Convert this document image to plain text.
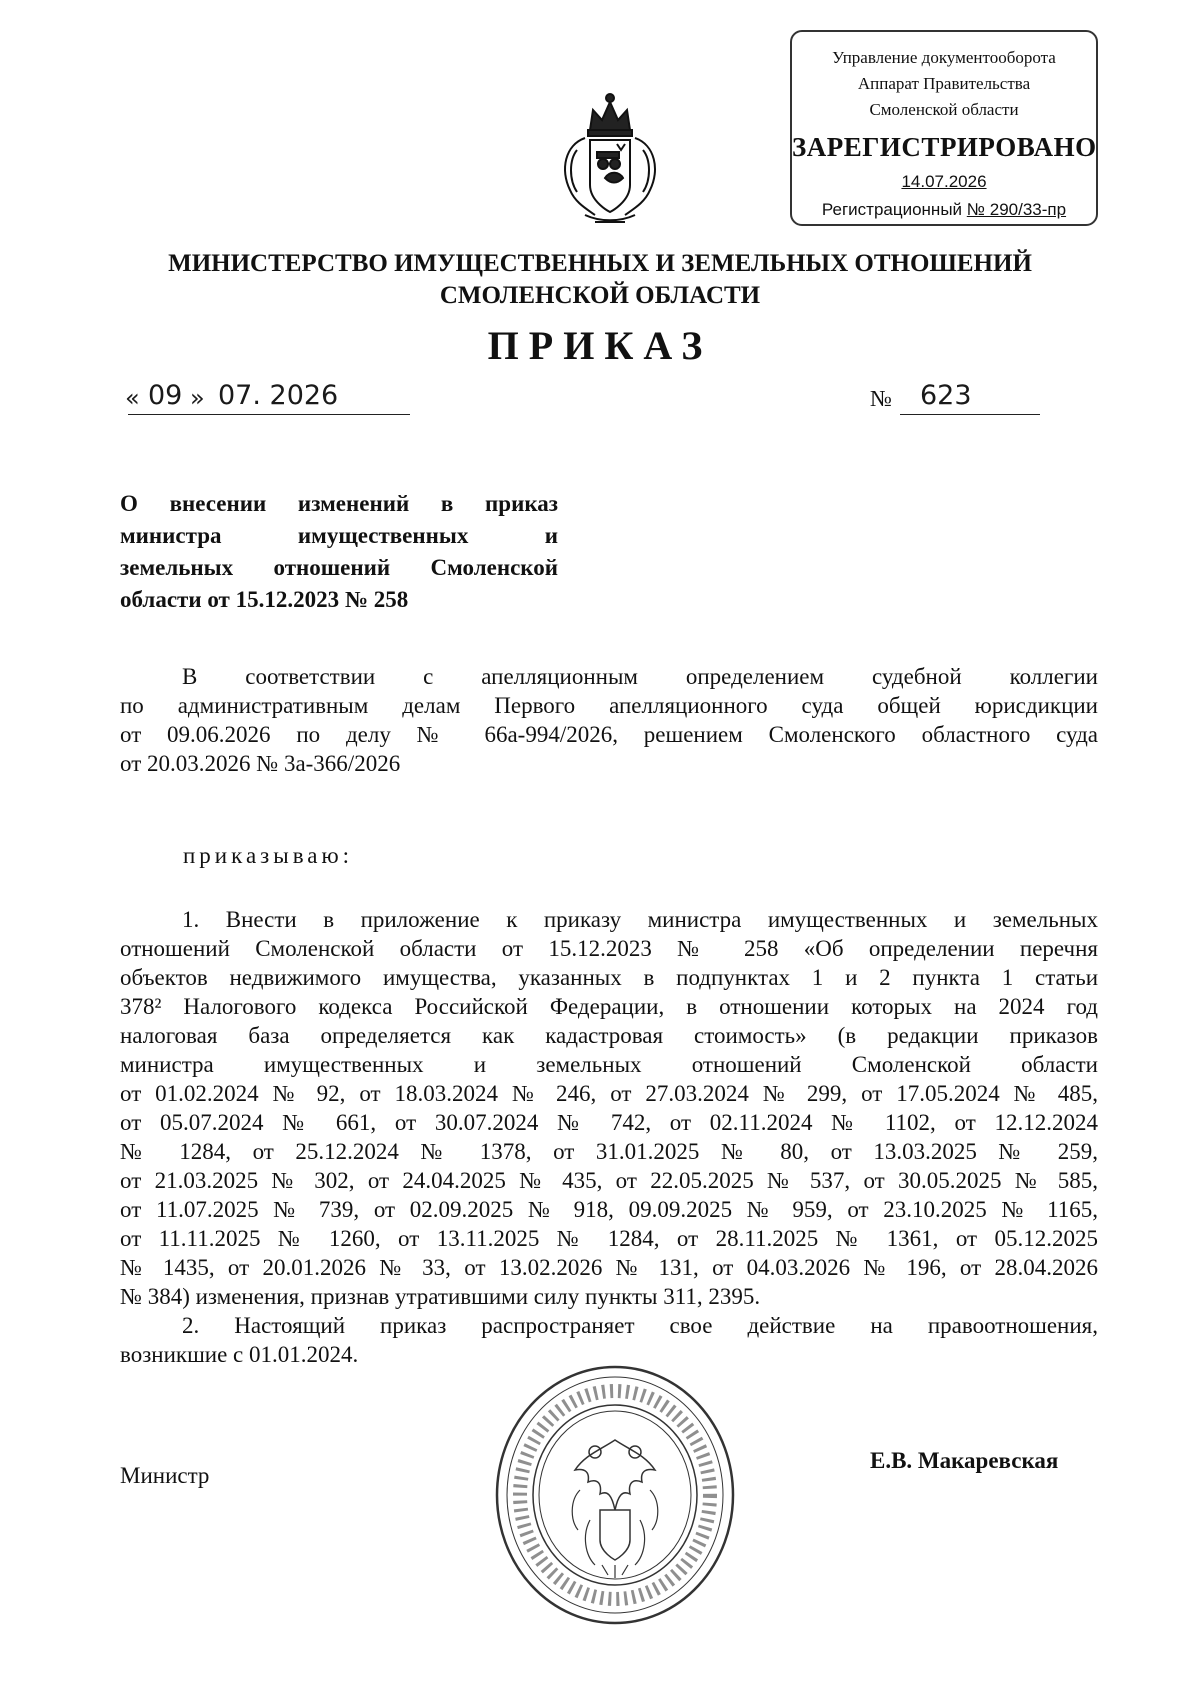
Управление документооборота
Аппарат Правительства
Смоленской области
ЗАРЕГИСТРИРОВАНО
14.07.2026
Регистрационный № 290/33-пр
МИНИСТЕРСТВО ИМУЩЕСТВЕННЫХ И ЗЕМЕЛЬНЫХ ОТНОШЕНИЙ
СМОЛЕНСКОЙ ОБЛАСТИ
ПРИКАЗ
« 09 » 07. 2026	№ 623
О внесении изменений в приказ
министра имущественных и
земельных отношений Смоленской
области от 15.12.2023 № 258
В соответствии с апелляционным определением судебной коллегии
по административным делам Первого апелляционного суда общей юрисдикции
от 09.06.2026 по делу № 66а-994/2026, решением Смоленского областного суда
от 20.03.2026 № 3а-366/2026
приказываю:
1. Внести в приложение к приказу министра имущественных и земельных
отношений Смоленской области от 15.12.2023 № 258 «Об определении перечня
объектов недвижимого имущества, указанных в подпунктах 1 и 2 пункта 1 статьи
378² Налогового кодекса Российской Федерации, в отношении которых на 2024 год
налоговая база определяется как кадастровая стоимость» (в редакции приказов
министра имущественных и земельных отношений Смоленской области
от 01.02.2024 № 92, от 18.03.2024 № 246, от 27.03.2024 № 299, от 17.05.2024 № 485,
от 05.07.2024 № 661, от 30.07.2024 № 742, от 02.11.2024 № 1102, от 12.12.2024
№ 1284, от 25.12.2024 № 1378, от 31.01.2025 № 80, от 13.03.2025 № 259,
от 21.03.2025 № 302, от 24.04.2025 № 435, от 22.05.2025 № 537, от 30.05.2025 № 585,
от 11.07.2025 № 739, от 02.09.2025 № 918, 09.09.2025 № 959, от 23.10.2025 № 1165,
от 11.11.2025 № 1260, от 13.11.2025 № 1284, от 28.11.2025 № 1361, от 05.12.2025
№ 1435, от 20.01.2026 № 33, от 13.02.2026 № 131, от 04.03.2026 № 196, от 28.04.2026
№ 384) изменения, признав утратившими силу пункты 311, 2395.
2. Настоящий приказ распространяет свое действие на правоотношения,
возникшие с 01.01.2024.
Министр
Е.В. Макаревская
